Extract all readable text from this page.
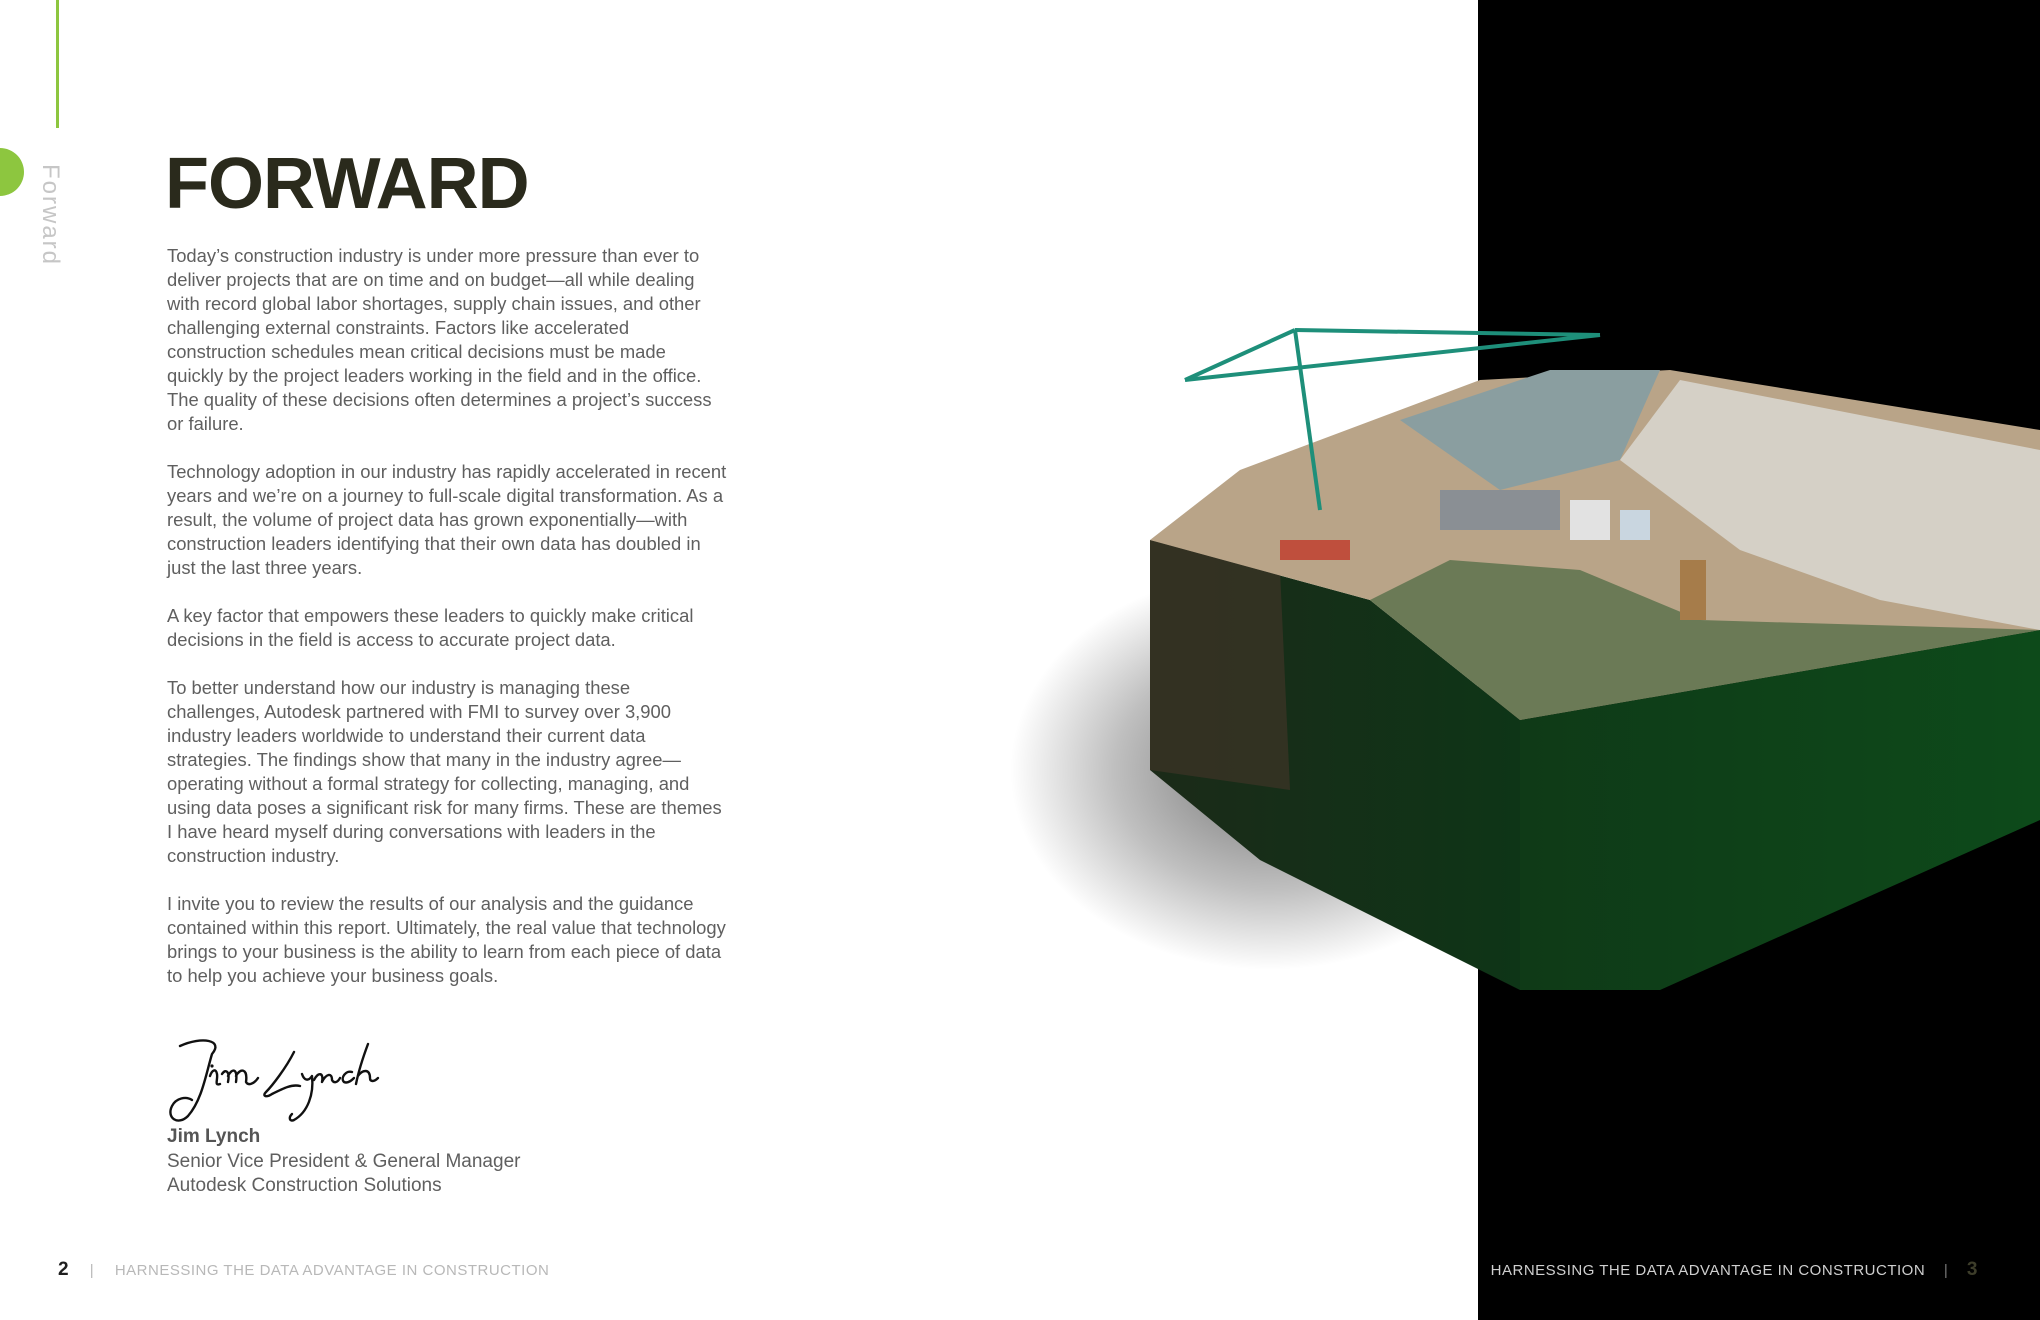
Forward FORWARD

Today’s construction industry is under more pressure than ever to deliver projects that are on time and on budget—all while dealing with record global labor shortages, supply chain issues, and other challenging external constraints. Factors like accelerated construction schedules mean critical decisions must be made quickly by the project leaders working in the field and in the office. The quality of these decisions often determines a project’s success or failure.

Technology adoption in our industry has rapidly accelerated in recent years and we’re on a journey to full-scale digital transformation. As a result, the volume of project data has grown exponentially—with construction leaders identifying that their own data has doubled in just the last three years.

A key factor that empowers these leaders to quickly make critical decisions in the field is access to accurate project data.

To better understand how our industry is managing these challenges, Autodesk partnered with FMI to survey over 3,900 industry leaders worldwide to understand their current data strategies. The findings show that many in the industry agree—operating without a formal strategy for collecting, managing, and using data poses a significant risk for many firms. These are themes I have heard myself during conversations with leaders in the construction industry.

I invite you to review the results of our analysis and the guidance contained within this report. Ultimately, the real value that technology brings to your business is the ability to learn from each piece of data to help you achieve your business goals.

Jim Lynch
Senior Vice President & General Manager
Autodesk Construction Solutions
2 | HARNESSING THE DATA ADVANTAGE IN CONSTRUCTION	HARNESSING THE DATA ADVANTAGE IN CONSTRUCTION | 3
